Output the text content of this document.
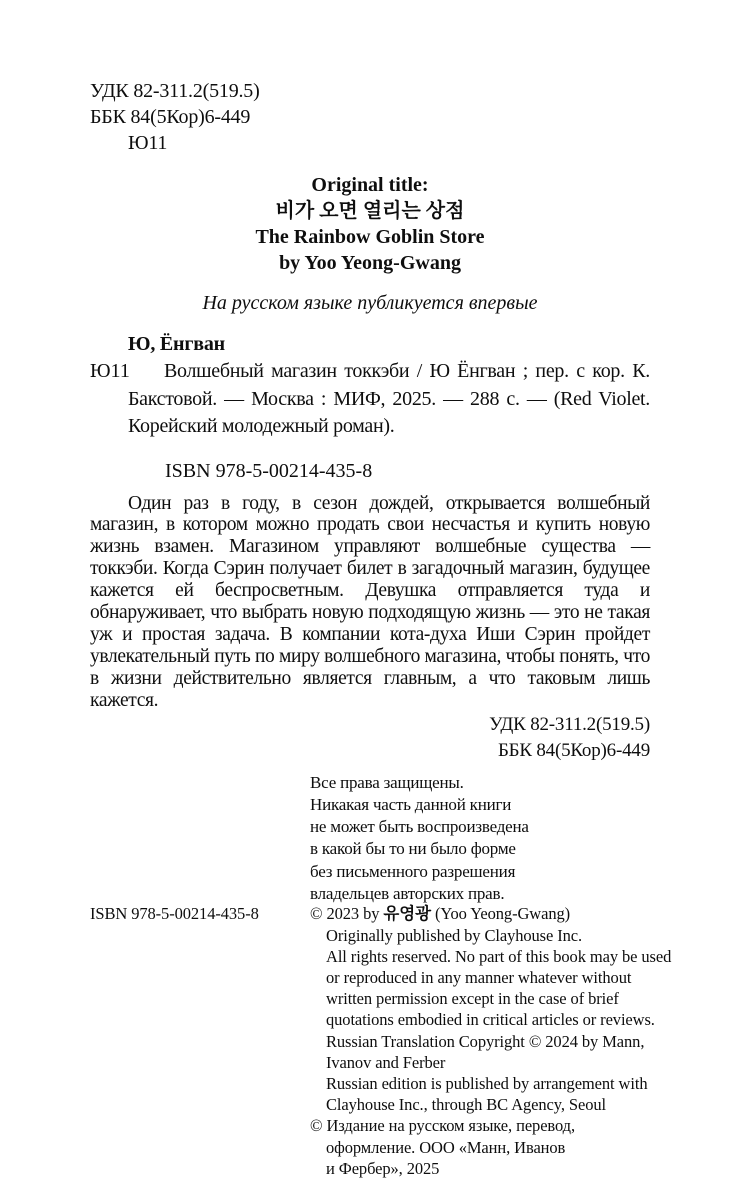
УДК 82-311.2(519.5)
ББК 84(5Кор)6-449
Ю11
Original title:
비가 오면 열리는 상점
The Rainbow Goblin Store
by Yoo Yeong-Gwang
На русском языке публикуется впервые
Ю, Ёнгван
Ю11	Волшебный магазин токкэби / Ю Ёнгван ; пер. с кор. К. Бакстовой. — Москва : МИФ, 2025. — 288 с. — (Red Violet. Корейский молодежный роман).
ISBN 978-5-00214-435-8
Один раз в году, в сезон дождей, открывается волшебный магазин, в котором можно продать свои несчастья и купить новую жизнь взамен. Магазином управляют волшебные существа — токкэби. Когда Сэрин получает билет в загадочный магазин, будущее кажется ей беспросветным. Девушка отправляется туда и обнаруживает, что выбрать новую подходящую жизнь — это не такая уж и простая задача. В компании кота-духа Иши Сэрин пройдет увлекательный путь по миру волшебного магазина, чтобы понять, что в жизни действительно является главным, а что таковым лишь кажется.
УДК 82-311.2(519.5)
ББК 84(5Кор)6-449
Все права защищены.
Никакая часть данной книги
не может быть воспроизведена
в какой бы то ни было форме
без письменного разрешения
владельцев авторских прав.
ISBN 978-5-00214-435-8	© 2023 by 유영광 (Yoo Yeong-Gwang)
Originally published by Clayhouse Inc.
All rights reserved. No part of this book may be used
or reproduced in any manner whatever without
written permission except in the case of brief
quotations embodied in critical articles or reviews.
Russian Translation Copyright © 2024 by Mann,
Ivanov and Ferber
Russian edition is published by arrangement with
Clayhouse Inc., through BC Agency, Seoul
© Издание на русском языке, перевод,
оформление. ООО «Манн, Иванов
и Фербер», 2025
